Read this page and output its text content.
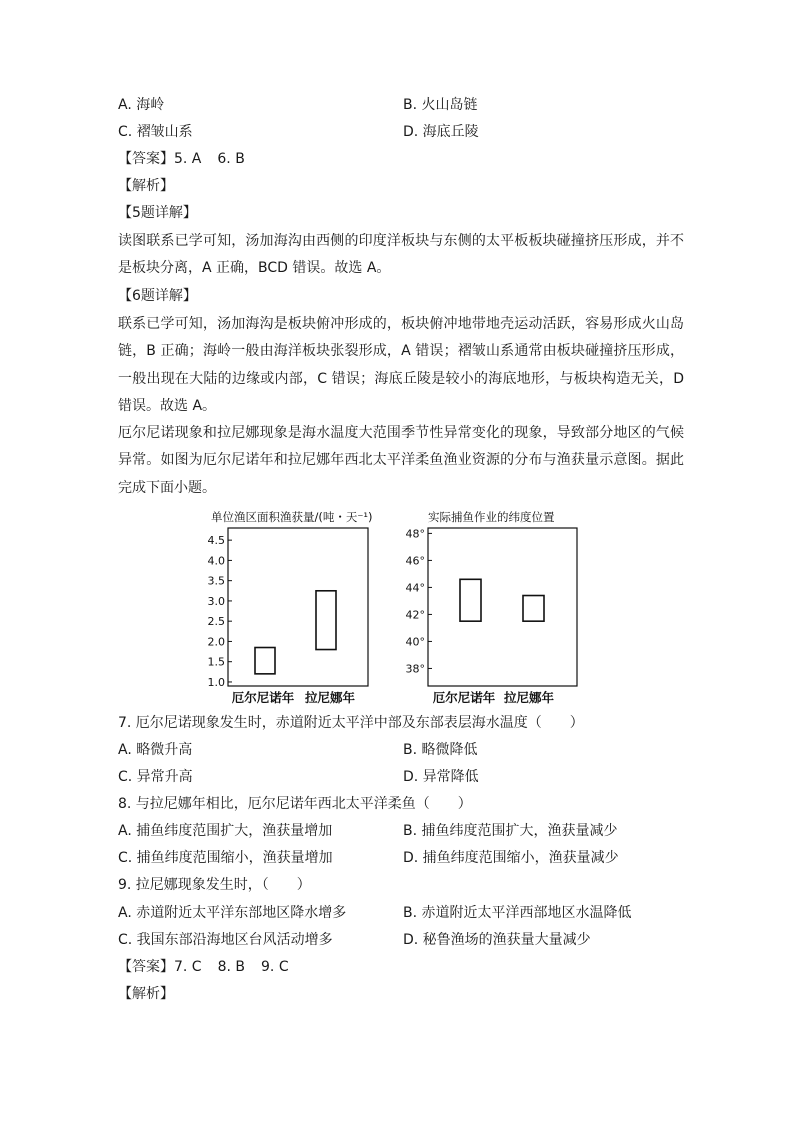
A. 海岭	B. 火山岛链
C. 褶皱山系	D. 海底丘陵
【答案】5. A 6. B
【解析】
【5题详解】
读图联系已学可知，汤加海沟由西侧的印度洋板块与东侧的太平板板块碰撞挤压形成，并不是板块分离，A 正确，BCD 错误。故选 A。
【6题详解】
联系已学可知，汤加海沟是板块俯冲形成的，板块俯冲地带地壳运动活跃，容易形成火山岛链，B 正确；海岭一般由海洋板块张裂形成，A 错误；褶皱山系通常由板块碰撞挤压形成，一般出现在大陆的边缘或内部，C 错误；海底丘陵是较小的海底地形，与板块构造无关，D 错误。故选 A。
厄尔尼诺现象和拉尼娜现象是海水温度大范围季节性异常变化的现象，导致部分地区的气候异常。如图为厄尔尼诺年和拉尼娜年西北太平洋柔鱼渔业资源的分布与渔获量示意图。据此完成下面小题。
单位渔区面积渔获量/(吨・天⁻¹)
4.5
4.0
3.5
3.0
2.5
2.0
1.5
1.0
厄尔尼诺年 拉尼娜年
实际捕鱼作业的纬度位置
48°
46°
44°
42°
40°
38°
厄尔尼诺年 拉尼娜年
7. 厄尔尼诺现象发生时，赤道附近太平洋中部及东部表层海水温度（　　）
A. 略微升高	B. 略微降低
C. 异常升高	D. 异常降低
8. 与拉尼娜年相比，厄尔尼诺年西北太平洋柔鱼（　　）
A. 捕鱼纬度范围扩大，渔获量增加	B. 捕鱼纬度范围扩大，渔获量减少
C. 捕鱼纬度范围缩小，渔获量增加	D. 捕鱼纬度范围缩小，渔获量减少
9. 拉尼娜现象发生时，（　　）
A. 赤道附近太平洋东部地区降水增多	B. 赤道附近太平洋西部地区水温降低
C. 我国东部沿海地区台风活动增多	D. 秘鲁渔场的渔获量大量减少
【答案】7. C 8. B 9. C
【解析】
